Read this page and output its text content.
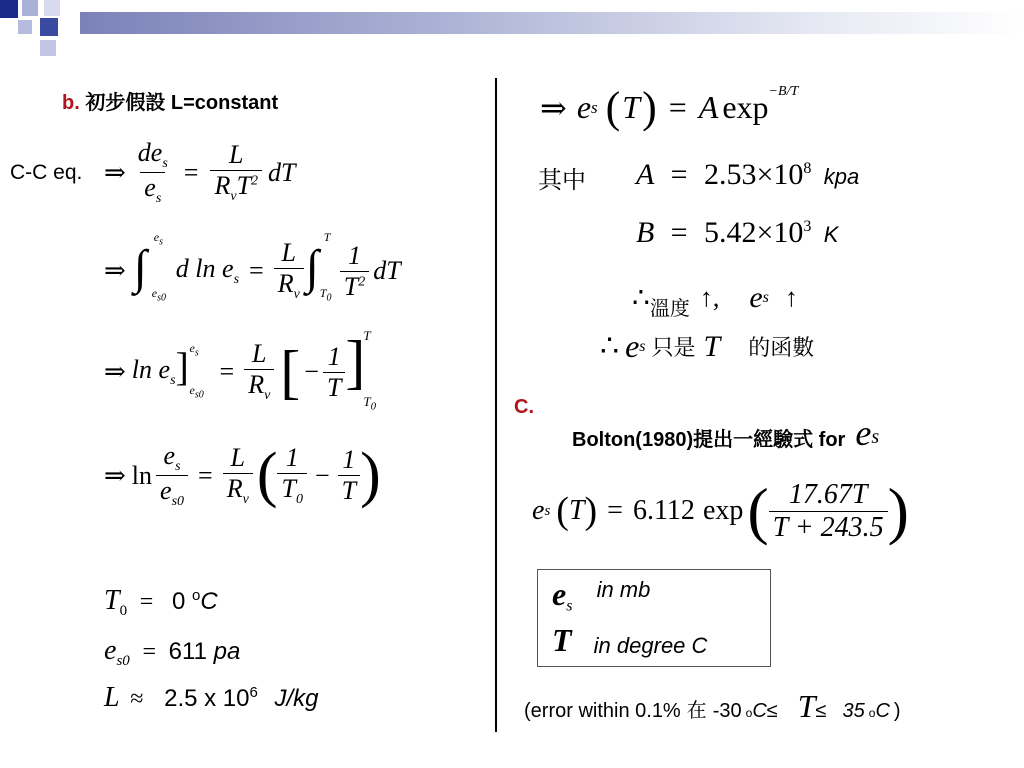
b. 初步假設 L=constant
C-C eq. ⇒ $\frac{de_s}{e_s} = \frac{L}{R_vT^2}$ dT
⇒ ∫
$e_s$
$e_{s0}$
d $\ln e_s = \frac{L}{R_v}$ ∫
T
$T_0 \frac{1}{T^2}$ dT
⇒ $\ln e_s$ ] $e_s$
$e_{s0}$
= $\frac{L}{R_v}$ [ − $\frac{1}{T}$ ]
T
$T_0$
⇒ $\ln \frac{e_s}{e_{s0}} = \frac{L}{R_v}$ ( $\frac{1}{T_0} - \frac{1}{T}$ )
$T_0 = 0$ $^o$C
$e_{s0} = 611$ pa
L ≈ 2.5 x $10^6$ J/kg
⇒ e s ( T ) = A exp −B/T
其中 $A = 2.53\times 10^8$ kpa
$B = 5.42\times 10^3$ K
∴ 溫度 ↑ , e s ↑
∴ e s 只是 T 的函數
C.
Bolton(1980)提出一經驗式 for e s
e s ( T ) = 6.112 exp ( $\frac{17.67T}{T + 243.5}$ )
$e_s$ in mb
T in degree C
(error within 0.1% 在 -30 o C≤ T ≤ 35 o C )
